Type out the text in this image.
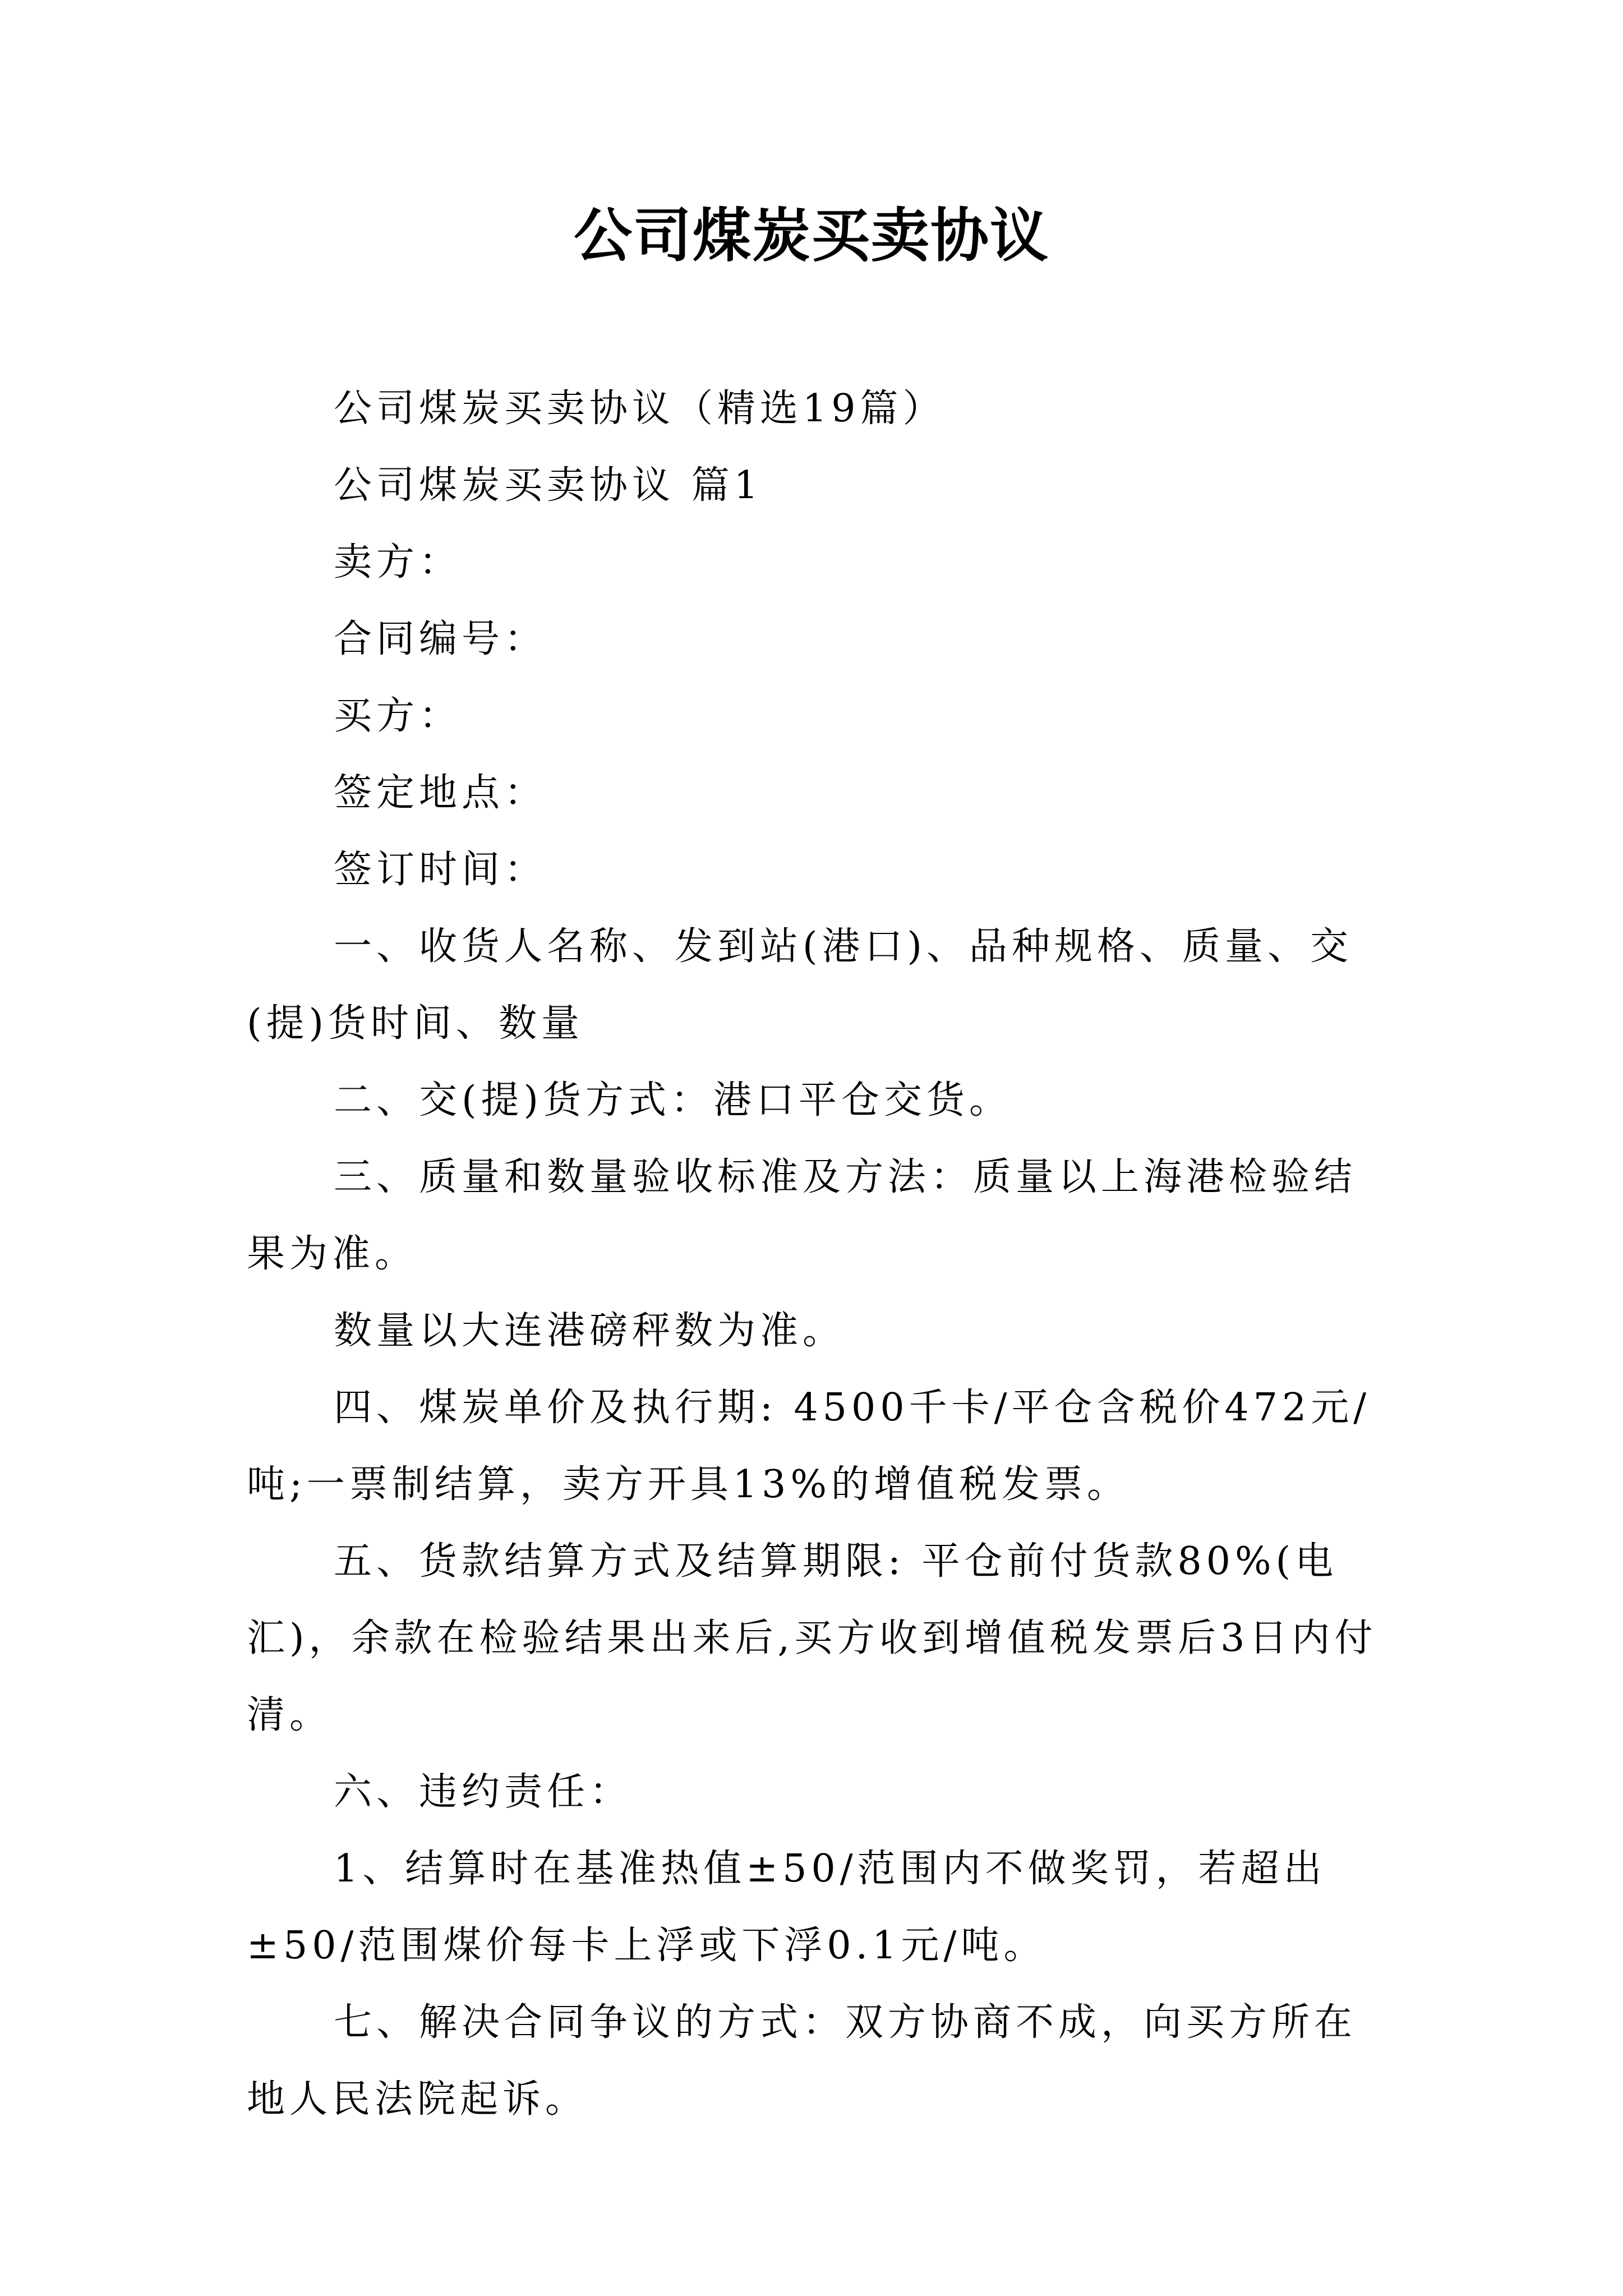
公司煤炭买卖协议

公司煤炭买卖协议（精选19篇）

公司煤炭买卖协议 篇1

卖方：

合同编号：

买方：

签定地点：

签订时间：

一、收货人名称、发到站(港口)、品种规格、质量、交(提)货时间、数量

二、交(提)货方式：港口平仓交货。

三、质量和数量验收标准及方法：质量以上海港检验结果为准。

数量以大连港磅秤数为准。

四、煤炭单价及执行期: 4500千卡/平仓含税价472元/吨;一票制结算，卖方开具13%的增值税发票。

五、货款结算方式及结算期限: 平仓前付货款80%(电汇)，余款在检验结果出来后,买方收到增值税发票后3日内付清。

六、违约责任：

1、结算时在基准热值±50/范围内不做奖罚，若超出±50/范围煤价每卡上浮或下浮0.1元/吨。

七、解决合同争议的方式：双方协商不成，向买方所在地人民法院起诉。
